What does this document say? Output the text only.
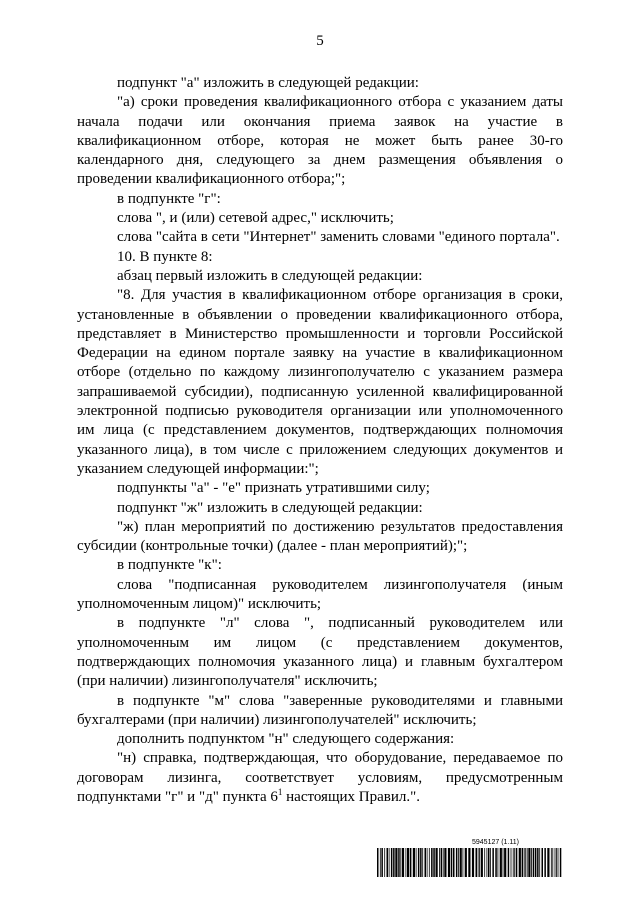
5

подпункт "а" изложить в следующей редакции:

"а) сроки проведения квалификационного отбора с указанием даты начала подачи или окончания приема заявок на участие в квалификационном отборе, которая не может быть ранее 30-го календарного дня, следующего за днем размещения объявления о проведении квалификационного отбора;";

в подпункте "г":

слова ", и (или) сетевой адрес," исключить;

слова "сайта в сети "Интернет" заменить словами "единого портала".

10. В пункте 8:

абзац первый изложить в следующей редакции:

"8. Для участия в квалификационном отборе организация в сроки, установленные в объявлении о проведении квалификационного отбора, представляет в Министерство промышленности и торговли Российской Федерации на едином портале заявку на участие в квалификационном отборе (отдельно по каждому лизингополучателю с указанием размера запрашиваемой субсидии), подписанную усиленной квалифицированной электронной подписью руководителя организации или уполномоченного им лица (с представлением документов, подтверждающих полномочия указанного лица), в том числе с приложением следующих документов и указанием следующей информации:";

подпункты "а" - "е" признать утратившими силу;

подпункт "ж" изложить в следующей редакции:

"ж) план мероприятий по достижению результатов предоставления субсидии (контрольные точки) (далее - план мероприятий);";

в подпункте "к":

слова "подписанная руководителем лизингополучателя (иным уполномоченным лицом)" исключить;

в подпункте "л" слова ", подписанный руководителем или уполномоченным им лицом (с представлением документов, подтверждающих полномочия указанного лица) и главным бухгалтером (при наличии) лизингополучателя" исключить;

в подпункте "м" слова "заверенные руководителями и главными бухгалтерами (при наличии) лизингополучателей" исключить;

дополнить подпунктом "н" следующего содержания:

"н) справка, подтверждающая, что оборудование, передаваемое по договорам лизинга, соответствует условиям, предусмотренным подпунктами "г" и "д" пункта $6^1$ настоящих Правил.".

5945127 (1.11)
